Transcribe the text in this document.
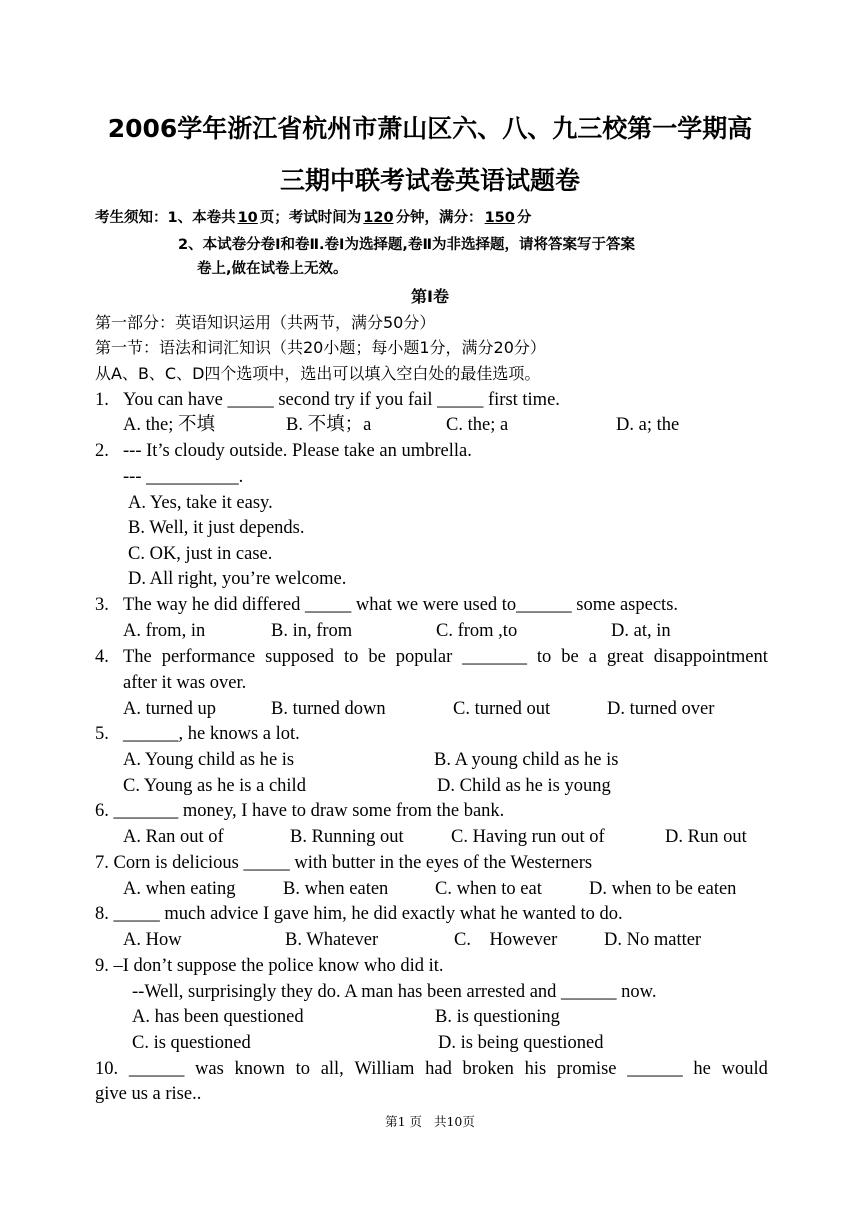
2006学年浙江省杭州市萧山区六、八、九三校第一学期高
三期中联考试卷英语试题卷
考生须知：1、本卷共 10 页；考试时间为 120 分钟，满分： 150 分
2、本试卷分卷Ⅰ和卷Ⅱ.卷Ⅰ为选择题,卷Ⅱ为非选择题，请将答案写于答案
卷上,做在试卷上无效。
第Ⅰ卷
第一部分：英语知识运用（共两节，满分50分）
第一节：语法和词汇知识（共20小题；每小题1分，满分20分）
从A、B、C、D四个选项中，选出可以填入空白处的最佳选项。
1. You can have _____ second try if you fail _____ first time.
A. the; 不填	B. 不填；a	C. the; a	D. a; the
2. --- It’s cloudy outside. Please take an umbrella.
--- __________.
A. Yes, take it easy.
B. Well, it just depends.
C. OK, just in case.
D. All right, you’re welcome.
3. The way he did differed _____ what we were used to______ some aspects.
A. from, in	B. in, from	C. from ,to	D. at, in
4. The performance supposed to be popular _______ to be a great disappointment
after it was over.
A. turned up	B. turned down	C. turned out	D. turned over
5. ______, he knows a lot.
A. Young child as he is	B. A young child as he is
C. Young as he is a child	D. Child as he is young
6. _______ money, I have to draw some from the bank.
A. Ran out of	B. Running out	C. Having run out of	D. Run out
7. Corn is delicious _____ with butter in the eyes of the Westerners
A. when eating	B. when eaten	C. when to eat	D. when to be eaten
8. _____ much advice I gave him, he did exactly what he wanted to do.
A. How	B. Whatever	C.    However	D. No matter
9. –I don’t suppose the police know who did it.
--Well, surprisingly they do. A man has been arrested and ______ now.
A. has been questioned	B. is questioning
C. is questioned	D. is being questioned
10. ______ was known to all, William had broken his promise ______ he would
give us a rise..
第1 页   共10页
